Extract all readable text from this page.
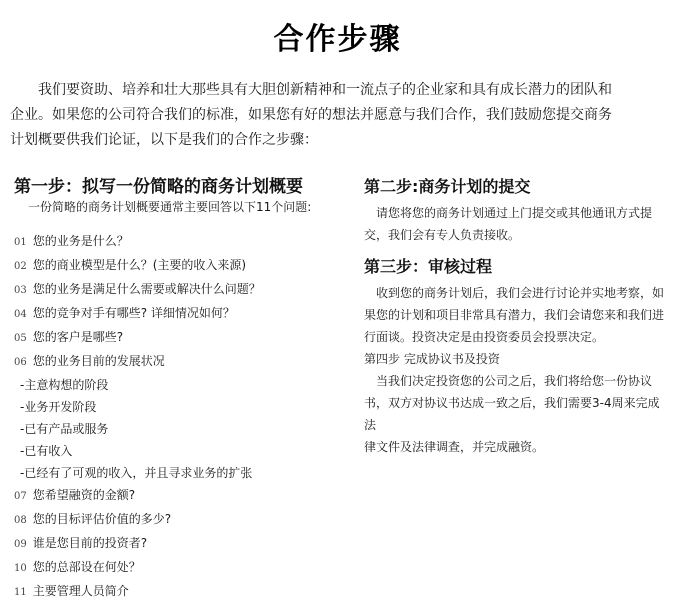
合作步骤
我们要资助、培养和壮大那些具有大胆创新精神和一流点子的企业家和具有成长潜力的团队和
企业。如果您的公司符合我们的标准，如果您有好的想法并愿意与我们合作，我们鼓励您提交商务
计划概要供我们论证，以下是我们的合作之步骤：
第一步：拟写一份简略的商务计划概要

一份简略的商务计划概要通常主要回答以下11个问题:

01 您的业务是什么？
02 您的商业模型是什么？(主要的收入来源)
03 您的业务是满足什么需要或解决什么问题？
04 您的竞争对手有哪些? 详细情况如何？
05 您的客户是哪些?
06 您的业务目前的发展状况
-主意构想的阶段
-业务开发阶段
-已有产品或服务
-已有收入
-已经有了可观的收入，并且寻求业务的扩张
07 您希望融资的金额?
08 您的目标评估价值的多少?
09 谁是您目前的投资者?
10 您的总部设在何处？
11 主要管理人员简介
第二步:商务计划的提交
请您将您的商务计划通过上门提交或其他通讯方式提
交，我们会有专人负责接收。
第三步：审核过程
收到您的商务计划后，我们会进行讨论并实地考察，如
果您的计划和项目非常具有潜力，我们会请您来和我们进
行面谈。投资决定是由投资委员会投票决定。
第四步 完成协议书及投资
当我们决定投资您的公司之后，我们将给您一份协议
书，双方对协议书达成一致之后，我们需要3-4周来完成法
律文件及法律调查，并完成融资。
